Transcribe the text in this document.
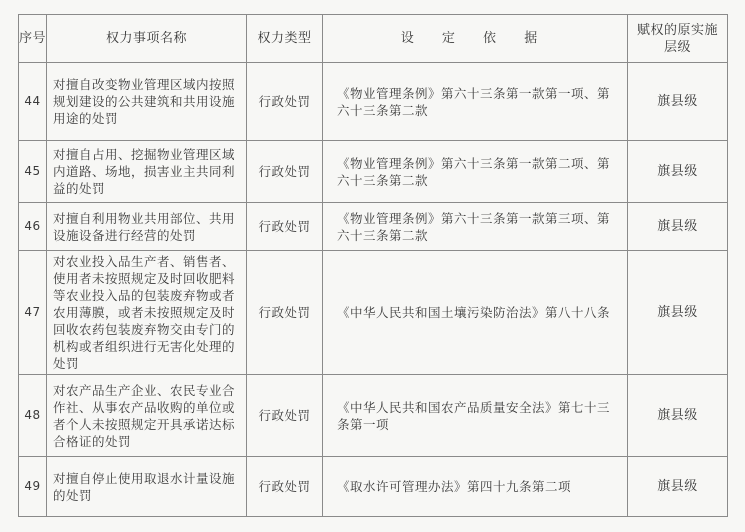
序号	权力事项名称	权力类型	设 定 依 据	赋权的原实施层级
44	对擅自改变物业管理区域内按照规划建设的公共建筑和共用设施用途的处罚	行政处罚	《物业管理条例》第六十三条第一款第一项、第六十三条第二款	旗县级
45	对擅自占用、挖掘物业管理区域内道路、场地，损害业主共同利益的处罚	行政处罚	《物业管理条例》第六十三条第一款第二项、第六十三条第二款	旗县级
46	对擅自利用物业共用部位、共用设施设备进行经营的处罚	行政处罚	《物业管理条例》第六十三条第一款第三项、第六十三条第二款	旗县级
47	对农业投入品生产者、销售者、使用者未按照规定及时回收肥料等农业投入品的包装废弃物或者农用薄膜，或者未按照规定及时回收农药包装废弃物交由专门的机构或者组织进行无害化处理的处罚	行政处罚	《中华人民共和国土壤污染防治法》第八十八条	旗县级
48	对农产品生产企业、农民专业合作社、从事农产品收购的单位或者个人未按照规定开具承诺达标合格证的处罚	行政处罚	《中华人民共和国农产品质量安全法》第七十三条第一项	旗县级
49	对擅自停止使用取退水计量设施的处罚	行政处罚	《取水许可管理办法》第四十九条第二项	旗县级
